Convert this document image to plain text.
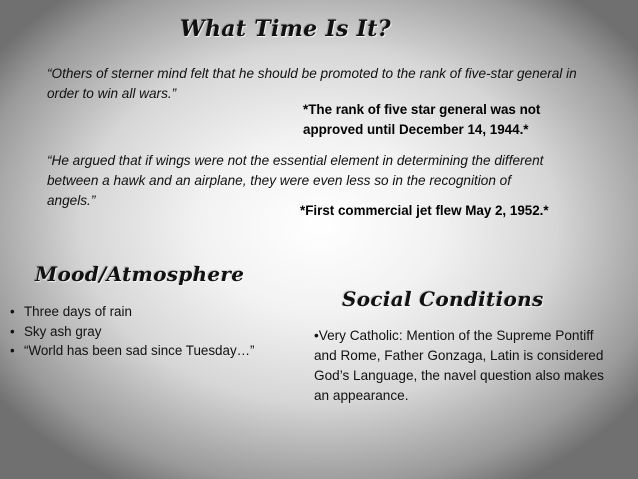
What Time Is It?

“Others of sterner mind felt that he should be promoted to the rank of five-star general in order to win all wars.”

*The rank of five star general was not
approved until December 14, 1944.*

“He argued that if wings were not the essential element in determining the different between a hawk and an airplane, they were even less so in the recognition of angels.”

*First commercial jet flew May 2, 1952.*

Mood/Atmosphere
• Three days of rain
• Sky ash gray
• “World has been sad since Tuesday…”
Social Conditions

•Very Catholic: Mention of the Supreme Pontiff and Rome, Father Gonzaga, Latin is considered God’s Language, the navel question also makes an appearance.
